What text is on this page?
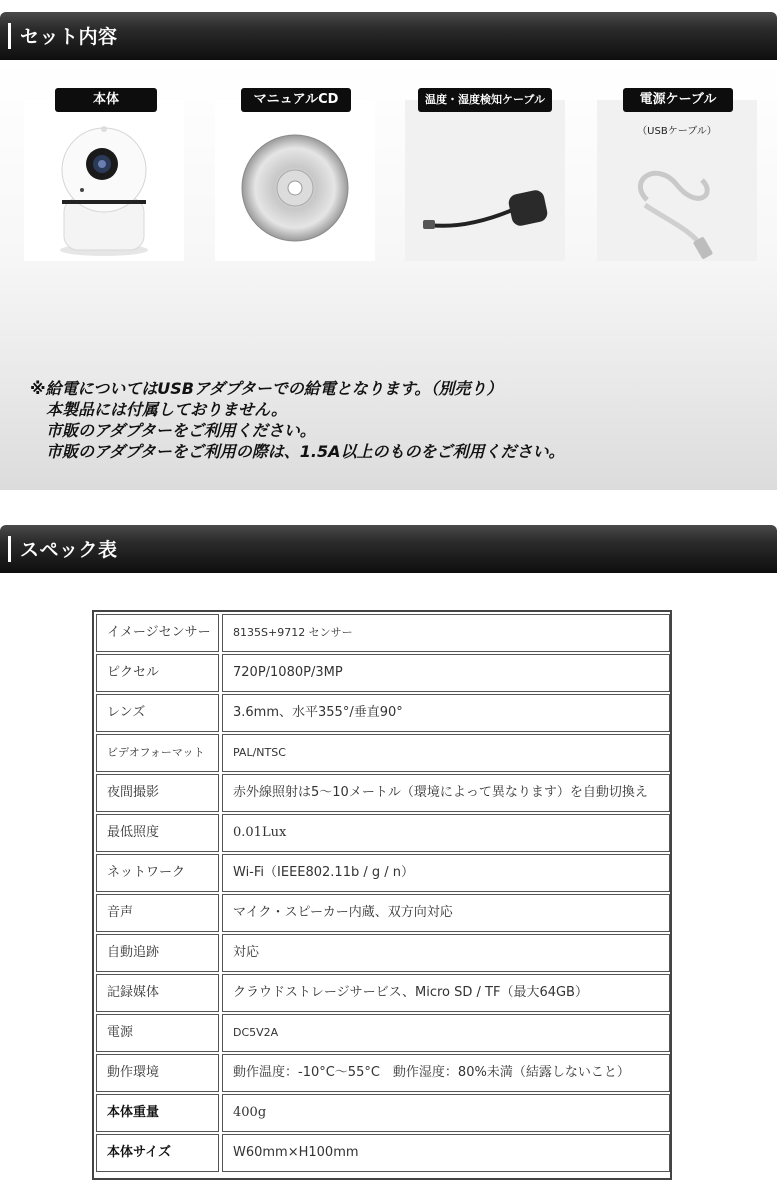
セット内容
本体	マニュアルCD	温度・湿度検知ケーブル	電源ケーブル
※給電についてはUSBアダプターでの給電となります。（別売り）
　本製品には付属しておりません。
　市販のアダプターをご利用ください。
　市販のアダプターをご利用の際は、1.5A以上のものをご利用ください。
（USBケーブル）
スペック表
イメージセンサー	8135S+9712 センサー
ピクセル	720P/1080P/3MP
レンズ	3.6mm、水平355°/垂直90°
ビデオフォーマット	PAL/NTSC
夜間撮影	赤外線照射は5～10メートル（環境によって異なります）を自動切換え
最低照度	0.01Lux
ネットワーク	Wi-Fi（IEEE802.11b / g / n）
音声	マイク・スピーカー内蔵、双方向対応
自動追跡	対応
記録媒体	クラウドストレージサービス、Micro SD / TF（最大64GB）
電源	DC5V2A
動作環境	動作温度：-10°C～55°C　動作湿度：80%未満（結露しないこと）
本体重量	400g
本体サイズ	W60mm×H100mm
